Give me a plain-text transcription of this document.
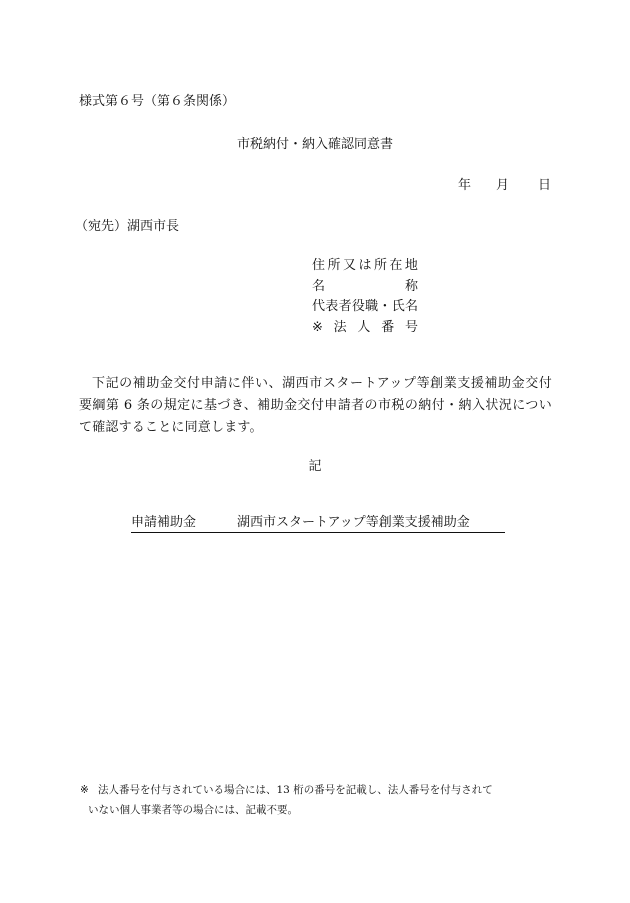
様式第６号（第６条関係）
市税納付・納入確認同意書
年 月 日
（宛先）湖西市長
住 所 又 は 所 在 地
名	称
代 表 者 役 職 ・ 氏 名
※ 法 人 番 号
下記の補助金交付申請に伴い、湖西市スタートアップ等創業支援補助金交付要綱第 6 条の規定に基づき、補助金交付申請者の市税の納付・納入状況について確認することに同意します。
記
申請補助金	湖西市スタートアップ等創業支援補助金
※ 法人番号を付与されている場合には、13 桁の番号を記載し、法人番号を付与されて
いない個人事業者等の場合には、記載不要。
